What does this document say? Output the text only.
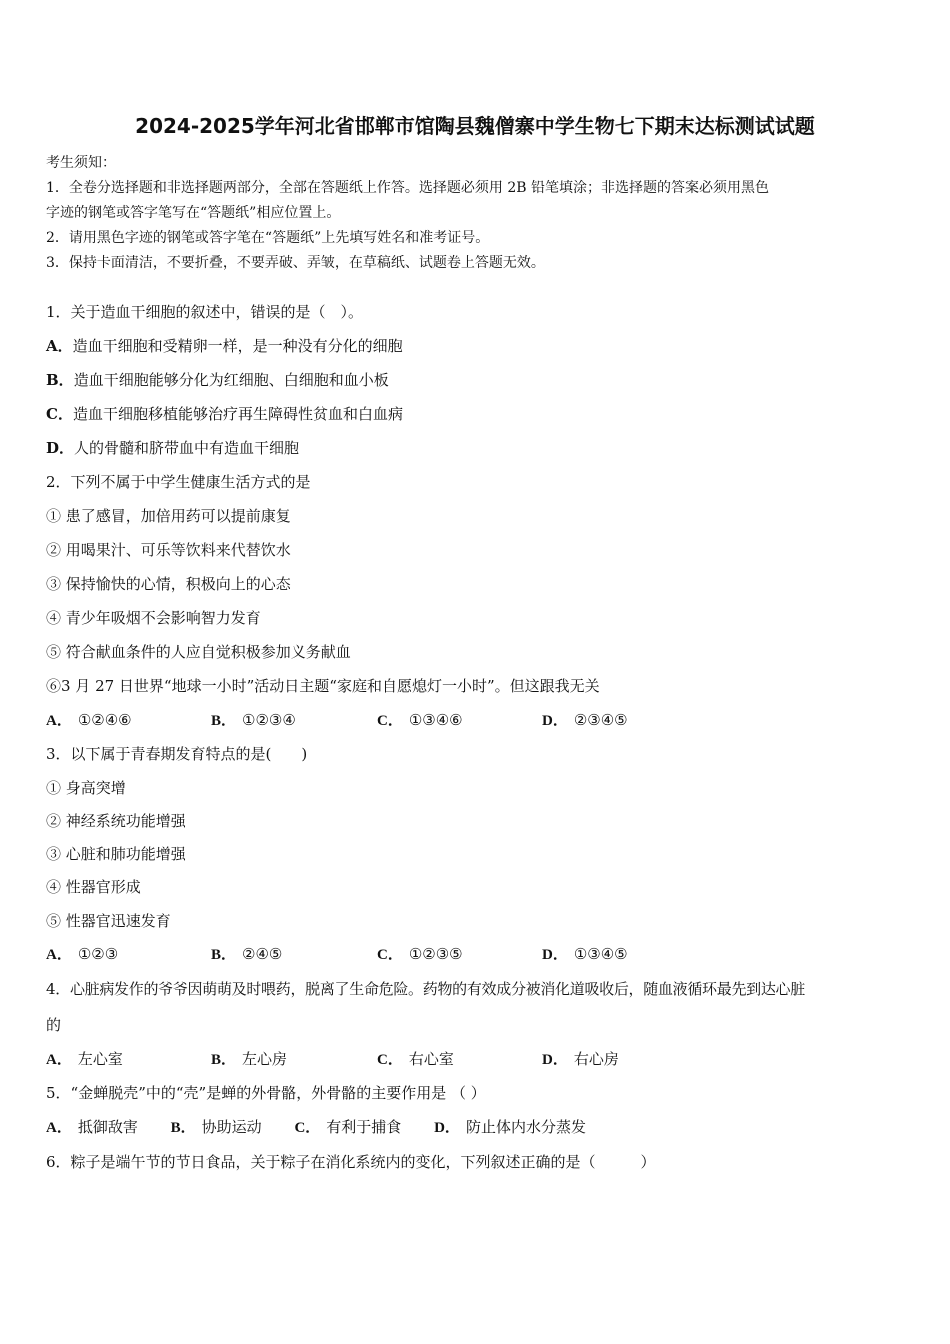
2024-2025学年河北省邯郸市馆陶县魏僧寨中学生物七下期末达标测试试题
考生须知：
1．全卷分选择题和非选择题两部分，全部在答题纸上作答。选择题必须用 2B 铅笔填涂；非选择题的答案必须用黑色
字迹的钢笔或答字笔写在“答题纸”相应位置上。
2．请用黑色字迹的钢笔或答字笔在“答题纸”上先填写姓名和准考证号。
3．保持卡面清洁，不要折叠，不要弄破、弄皱，在草稿纸、试题卷上答题无效。
1．关于造血干细胞的叙述中，错误的是（　）。
A．造血干细胞和受精卵一样，是一种没有分化的细胞
B．造血干细胞能够分化为红细胞、白细胞和血小板
C．造血干细胞移植能够治疗再生障碍性贫血和白血病
D．人的骨髓和脐带血中有造血干细胞
2．下列不属于中学生健康生活方式的是
① 患了感冒，加倍用药可以提前康复
② 用喝果汁、可乐等饮料来代替饮水
③ 保持愉快的心情，积极向上的心态
④ 青少年吸烟不会影响智力发育
⑤ 符合献血条件的人应自觉积极参加义务献血
⑥3 月 27 日世界“地球一小时”活动日主题“家庭和自愿熄灯一小时”。但这跟我无关
A． ①②④⑥	B． ①②③④	C． ①③④⑥	D． ②③④⑤
3．以下属于青春期发育特点的是(　　)
① 身高突增
② 神经系统功能增强
③ 心脏和肺功能增强
④ 性器官形成
⑤ 性器官迅速发育
A． ①②③	B． ②④⑤	C． ①②③⑤	D． ①③④⑤
4．心脏病发作的爷爷因萌萌及时喂药，脱离了生命危险。药物的有效成分被消化道吸收后，随血液循环最先到达心脏
的
A． 左心室	B． 左心房	C． 右心室	D． 右心房
5．“金蝉脱壳”中的“壳”是蝉的外骨骼，外骨骼的主要作用是 （ ）
A． 抵御敌害 B． 协助运动 C． 有利于捕食 D． 防止体内水分蒸发
6．粽子是端午节的节日食品，关于粽子在消化系统内的变化，下列叙述正确的是（　　　）
